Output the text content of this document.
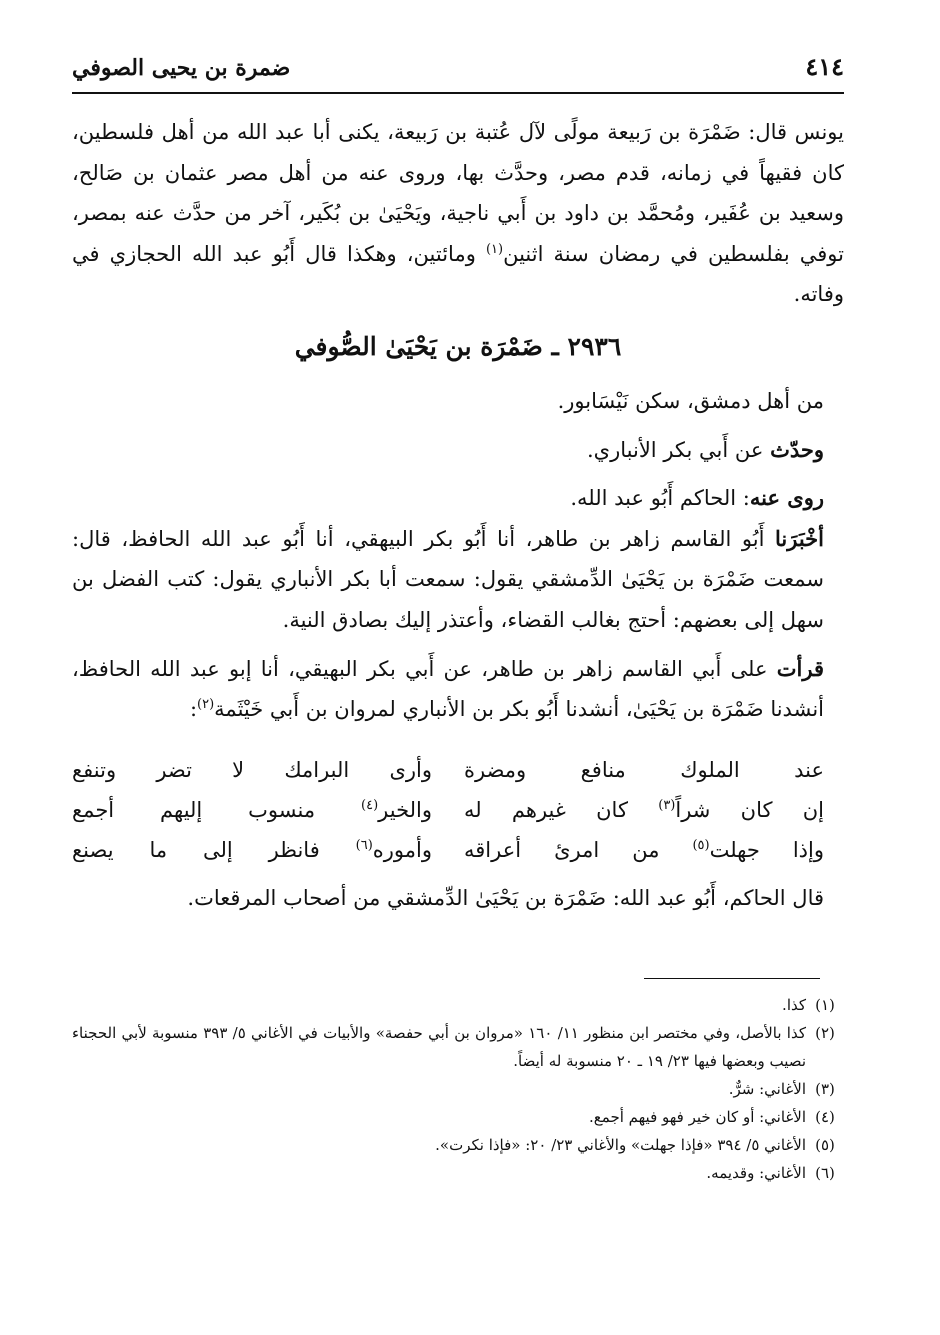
٤١٤
ضمرة بن يحيى الصوفي

يونس قال: ضَمْرَة بن رَبيعة مولًى لآل عُتبة بن رَبيعة، يكنى أبا عبد الله من أهل فلسطين، كان فقيهاً في زمانه، قدم مصر، وحدَّث بها، وروى عنه من أهل مصر عثمان بن صَالح، وسعيد بن عُفَير، ومُحمَّد بن داود بن أَبي ناجية، ويَحْيَىٰ بن بُكَير، آخر من حدَّث عنه بمصر، توفي بفلسطين في رمضان سنة اثنين$^{(١)}$ ومائتين، وهكذا قال أَبُو عبد الله الحجازي في وفاته.

٢٩٣٦ ـ ضَمْرَة بن يَحْيَىٰ الصُّوفي

من أهل دمشق، سكن نَيْسَابور.

وحدّث عن أَبي بكر الأنباري.

روى عنه: الحاكم أَبُو عبد الله.

أخْبَرَنا أَبُو القاسم زاهر بن طاهر، أنا أَبُو بكر البيهقي، أنا أَبُو عبد الله الحافظ، قال: سمعت ضَمْرَة بن يَحْيَىٰ الدِّمشقي يقول: سمعت أبا بكر الأنباري يقول: كتب الفضل بن سهل إلى بعضهم: أحتج بغالب القضاء، وأعتذر إليك بصادق النية.

قرأت على أَبي القاسم زاهر بن طاهر، عن أَبي بكر البهيقي، أنا إبو عبد الله الحافظ، أنشدنا ضَمْرَة بن يَحْيَىٰ، أنشدنا أَبُو بكر بن الأنباري لمروان بن أَبي خَيْثَمة$^{(٢)}$:

عند الملوك منافع ومضرة
وأرى البرامك لا تضر وتنفع
إن كان شراً$^{(٣)}$ كان غيرهم له
والخير$^{(٤)}$ منسوب إليهم أجمع
وإذا جهلت$^{(٥)}$ من امرئ أعراقه
وأموره$^{(٦)}$ فانظر إلى ما يصنع

قال الحاكم، أَبُو عبد الله: ضَمْرَة بن يَحْيَىٰ الدِّمشقي من أصحاب المرقعات.

(١)
كذا.
(٢)
كذا بالأصل، وفي مختصر ابن منظور ١١/ ١٦٠ «مروان بن أبي حفصة» والأبيات في الأغاني ٥/ ٣٩٣ منسوبة لأبي الحجناء نصيب وبعضها فيها ٢٣/ ١٩ ـ ٢٠ منسوبة له أيضاً.
(٣)
الأغاني: شرٌّ.
(٤)
الأغاني: أو كان خير فهو فيهم أجمع.
(٥)
الأغاني ٥/ ٣٩٤ «فإذا جهلت» والأغاني ٢٣/ ٢٠: «فإذا نكرت».
(٦)
الأغاني: وقديمه.
